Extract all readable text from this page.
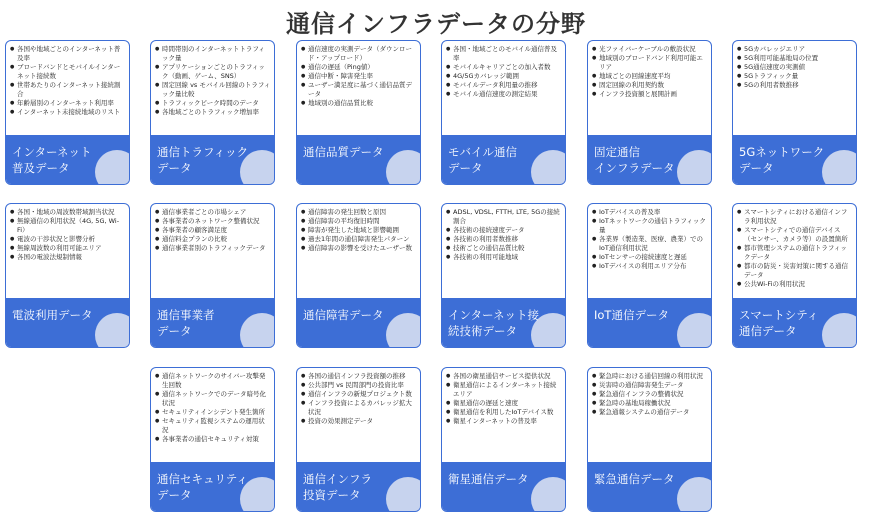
通信インフラデータの分野
● 各国や地域ごとのインターネット普及率
● ブロードバンドとモバイルインターネット接続数
● 世帯あたりのインターネット接続割合
● 年齢層別のインターネット利用率
● インターネット未接続地域のリスト
インターネット
普及データ
● 時間帯別のインターネットトラフィック量
● アプリケーションごとのトラフィック（動画、ゲーム、SNS）
● 固定回線 vs モバイル回線のトラフィック量比較
● トラフィックピーク時間のデータ
● 各地域ごとのトラフィック増加率
通信トラフィック
データ
● 通信速度の実測データ（ダウンロード・アップロード）
● 通信の遅延（Ping値）
● 通信中断・障害発生率
● ユーザー満足度に基づく通信品質データ
● 地域別の通信品質比較
通信品質データ
● 各国・地域ごとのモバイル通信普及率
● モバイルキャリアごとの加入者数
● 4G/5Gカバレッジ範囲
● モバイルデータ利用量の推移
● モバイル通信速度の測定結果
モバイル通信
データ
● 光ファイバーケーブルの敷設状況
● 地域別のブロードバンド利用可能エリア
● 地域ごとの回線速度平均
● 固定回線の利用契約数
● インフラ投資額と展開計画
固定通信
インフラデータ
● 5Gカバレッジエリア
● 5G利用可能基地局の位置
● 5G通信速度の実測値
● 5Gトラフィック量
● 5Gの利用者数推移
5Gネットワーク
データ
● 各国・地域の周波数帯域割当状況
● 無線通信の利用状況（4G, 5G, Wi-Fi）
● 電波の干渉状況と影響分析
● 無線周波数の利用可能エリア
● 各国の電波法規制情報
電波利用データ
● 通信事業者ごとの市場シェア
● 各事業者のネットワーク整備状況
● 各事業者の顧客満足度
● 通信料金プランの比較
● 通信事業者別のトラフィックデータ
通信事業者
データ
● 通信障害の発生回数と原因
● 通信障害の平均復旧時間
● 障害が発生した地域と影響範囲
● 過去1年間の通信障害発生パターン
● 通信障害の影響を受けたユーザー数
通信障害データ
● ADSL, VDSL, FTTH, LTE, 5Gの接続割合
● 各技術の接続速度データ
● 各技術の利用者数推移
● 技術ごとの通信品質比較
● 各技術の利用可能地域
インターネット接
続技術データ
● IoTデバイスの普及率
● IoTネットワークの通信トラフィック量
● 各業界（製造業、医療、農業）でのIoT通信利用状況
● IoTセンサーの接続速度と遅延
● IoTデバイスの利用エリア分布
IoT通信データ
● スマートシティにおける通信インフラ利用状況
● スマートシティでの通信デバイス（センサー、カメラ等）の設置箇所
● 都市管理システムの通信トラフィックデータ
● 都市の防災・災害対策に関する通信データ
● 公共Wi-Fiの利用状況
スマートシティ
通信データ
● 通信ネットワークのサイバー攻撃発生回数
● 通信ネットワークでのデータ暗号化状況
● セキュリティインシデント発生箇所
● セキュリティ監視システムの運用状況
● 各事業者の通信セキュリティ対策
通信セキュリティ
データ
● 各国の通信インフラ投資額の推移
● 公共部門 vs 民間部門の投資比率
● 通信インフラの新規プロジェクト数
● インフラ投資によるカバレッジ拡大状況
● 投資の効果測定データ
通信インフラ
投資データ
● 各国の衛星通信サービス提供状況
● 衛星通信によるインターネット接続エリア
● 衛星通信の遅延と速度
● 衛星通信を利用したIoTデバイス数
● 衛星インターネットの普及率
衛星通信データ
● 緊急時における通信回線の利用状況
● 災害時の通信障害発生データ
● 緊急通信インフラの整備状況
● 緊急時の基地局稼働状況
● 緊急通報システムの通信データ
緊急通信データ
